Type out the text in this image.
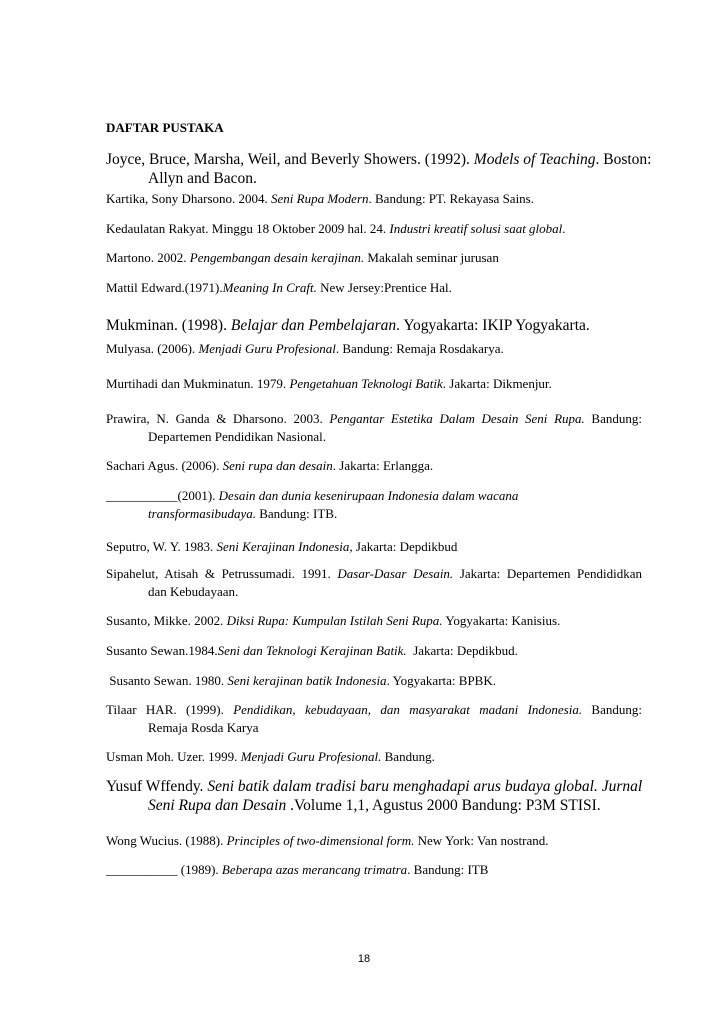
DAFTAR PUSTAKA
Joyce, Bruce, Marsha, Weil, and Beverly Showers. (1992). Models of Teaching. Boston:
Allyn and Bacon.
Kartika, Sony Dharsono. 2004. Seni Rupa Modern. Bandung: PT. Rekayasa Sains.
Kedaulatan Rakyat. Minggu 18 Oktober 2009 hal. 24. Industri kreatif solusi saat global.
Martono. 2002. Pengembangan desain kerajinan. Makalah seminar jurusan
Mattil Edward.(1971).Meaning In Craft. New Jersey:Prentice Hal.
Mukminan. (1998). Belajar dan Pembelajaran. Yogyakarta: IKIP Yogyakarta.
Mulyasa. (2006). Menjadi Guru Profesional. Bandung: Remaja Rosdakarya.
Murtihadi dan Mukminatun. 1979. Pengetahuan Teknologi Batik. Jakarta: Dikmenjur.
Prawira, N. Ganda & Dharsono. 2003. Pengantar Estetika Dalam Desain Seni Rupa. Bandung:
Departemen Pendidikan Nasional.
Sachari Agus. (2006). Seni rupa dan desain. Jakarta: Erlangga.
___________(2001). Desain dan dunia kesenirupaan Indonesia dalam wacana
transformasibudaya. Bandung: ITB.
Seputro, W. Y. 1983. Seni Kerajinan Indonesia, Jakarta: Depdikbud
Sipahelut, Atisah & Petrussumadi. 1991. Dasar-Dasar Desain. Jakarta: Departemen Pendididkan
dan Kebudayaan.
Susanto, Mikke. 2002. Diksi Rupa: Kumpulan Istilah Seni Rupa. Yogyakarta: Kanisius.
Susanto Sewan.1984.Seni dan Teknologi Kerajinan Batik.  Jakarta: Depdikbud.
Susanto Sewan. 1980. Seni kerajinan batik Indonesia. Yogyakarta: BPBK.
Tilaar HAR. (1999). Pendidikan, kebudayaan, dan masyarakat madani Indonesia. Bandung:
Remaja Rosda Karya
Usman Moh. Uzer. 1999. Menjadi Guru Profesional. Bandung.
Yusuf Wffendy. Seni batik dalam tradisi baru menghadapi arus budaya global. Jurnal
Seni Rupa dan Desain .Volume 1,1, Agustus 2000 Bandung: P3M STISI.
Wong Wucius. (1988). Principles of two-dimensional form. New York: Van nostrand.
___________ (1989). Beberapa azas merancang trimatra. Bandung: ITB
18
